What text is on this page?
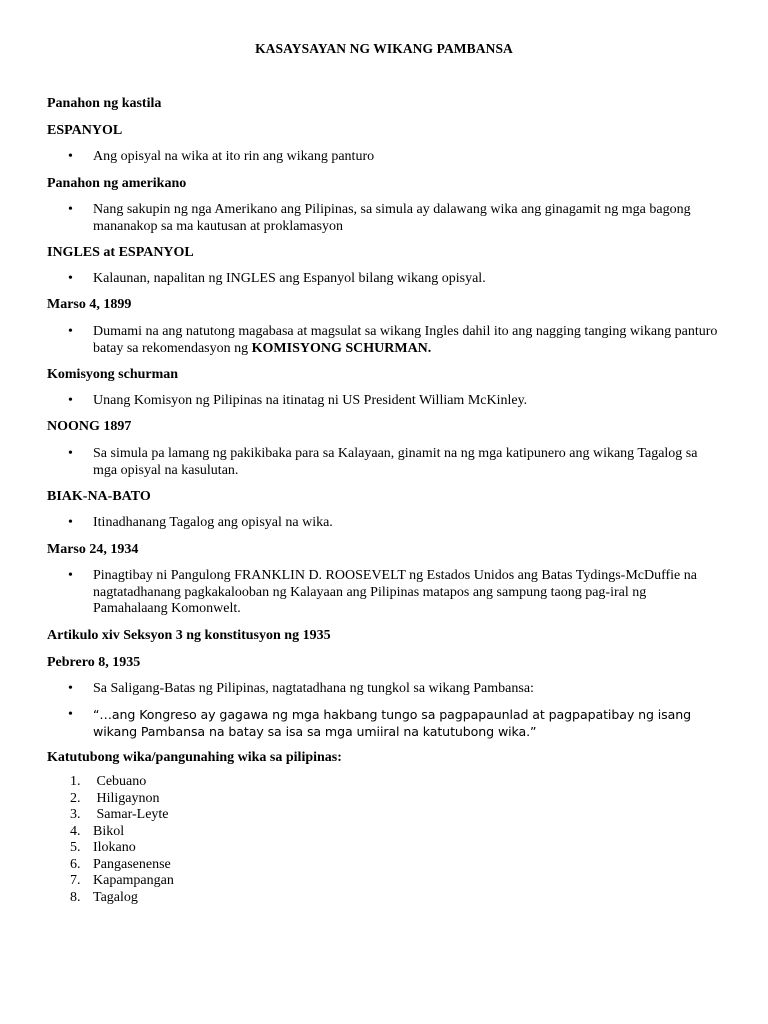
KASAYSAYAN NG WIKANG PAMBANSA
Panahon ng kastila
ESPANYOL
• Ang opisyal na wika at ito rin ang wikang panturo
Panahon ng amerikano
• Nang sakupin ng nga Amerikano ang Pilipinas, sa simula ay dalawang wika ang ginagamit ng mga bagong mananakop sa ma kautusan at proklamasyon
INGLES at ESPANYOL
• Kalaunan, napalitan ng INGLES ang Espanyol bilang wikang opisyal.
Marso 4, 1899
• Dumami na ang natutong magabasa at magsulat sa wikang Ingles dahil ito ang nagging tanging wikang panturo batay sa rekomendasyon ng KOMISYONG SCHURMAN.
Komisyong schurman
• Unang Komisyon ng Pilipinas na itinatag ni US President William McKinley.
NOONG 1897
• Sa simula pa lamang ng pakikibaka para sa Kalayaan, ginamit na ng mga katipunero ang wikang Tagalog sa mga opisyal na kasulutan.
BIAK-NA-BATO
• Itinadhanang Tagalog ang opisyal na wika.
Marso 24, 1934
• Pinagtibay ni Pangulong FRANKLIN D. ROOSEVELT ng Estados Unidos ang Batas Tydings-McDuffie na nagtatadhanang pagkakalooban ng Kalayaan ang Pilipinas matapos ang sampung taong pag-iral ng Pamahalaang Komonwelt.
Artikulo xiv Seksyon 3 ng konstitusyon ng 1935
Pebrero 8, 1935
• Sa Saligang-Batas ng Pilipinas, nagtatadhana ng tungkol sa wikang Pambansa:
• “…ang Kongreso ay gagawa ng mga hakbang tungo sa pagpapaunlad at pagpapatibay ng isang wikang Pambansa na batay sa isa sa mga umiiral na katutubong wika.”
Katutubong wika/pangunahing wika sa pilipinas:
1. Cebuano
2. Hiligaynon
3. Samar-Leyte
4. Bikol
5. Ilokano
6. Pangasenense
7. Kapampangan
8. Tagalog
